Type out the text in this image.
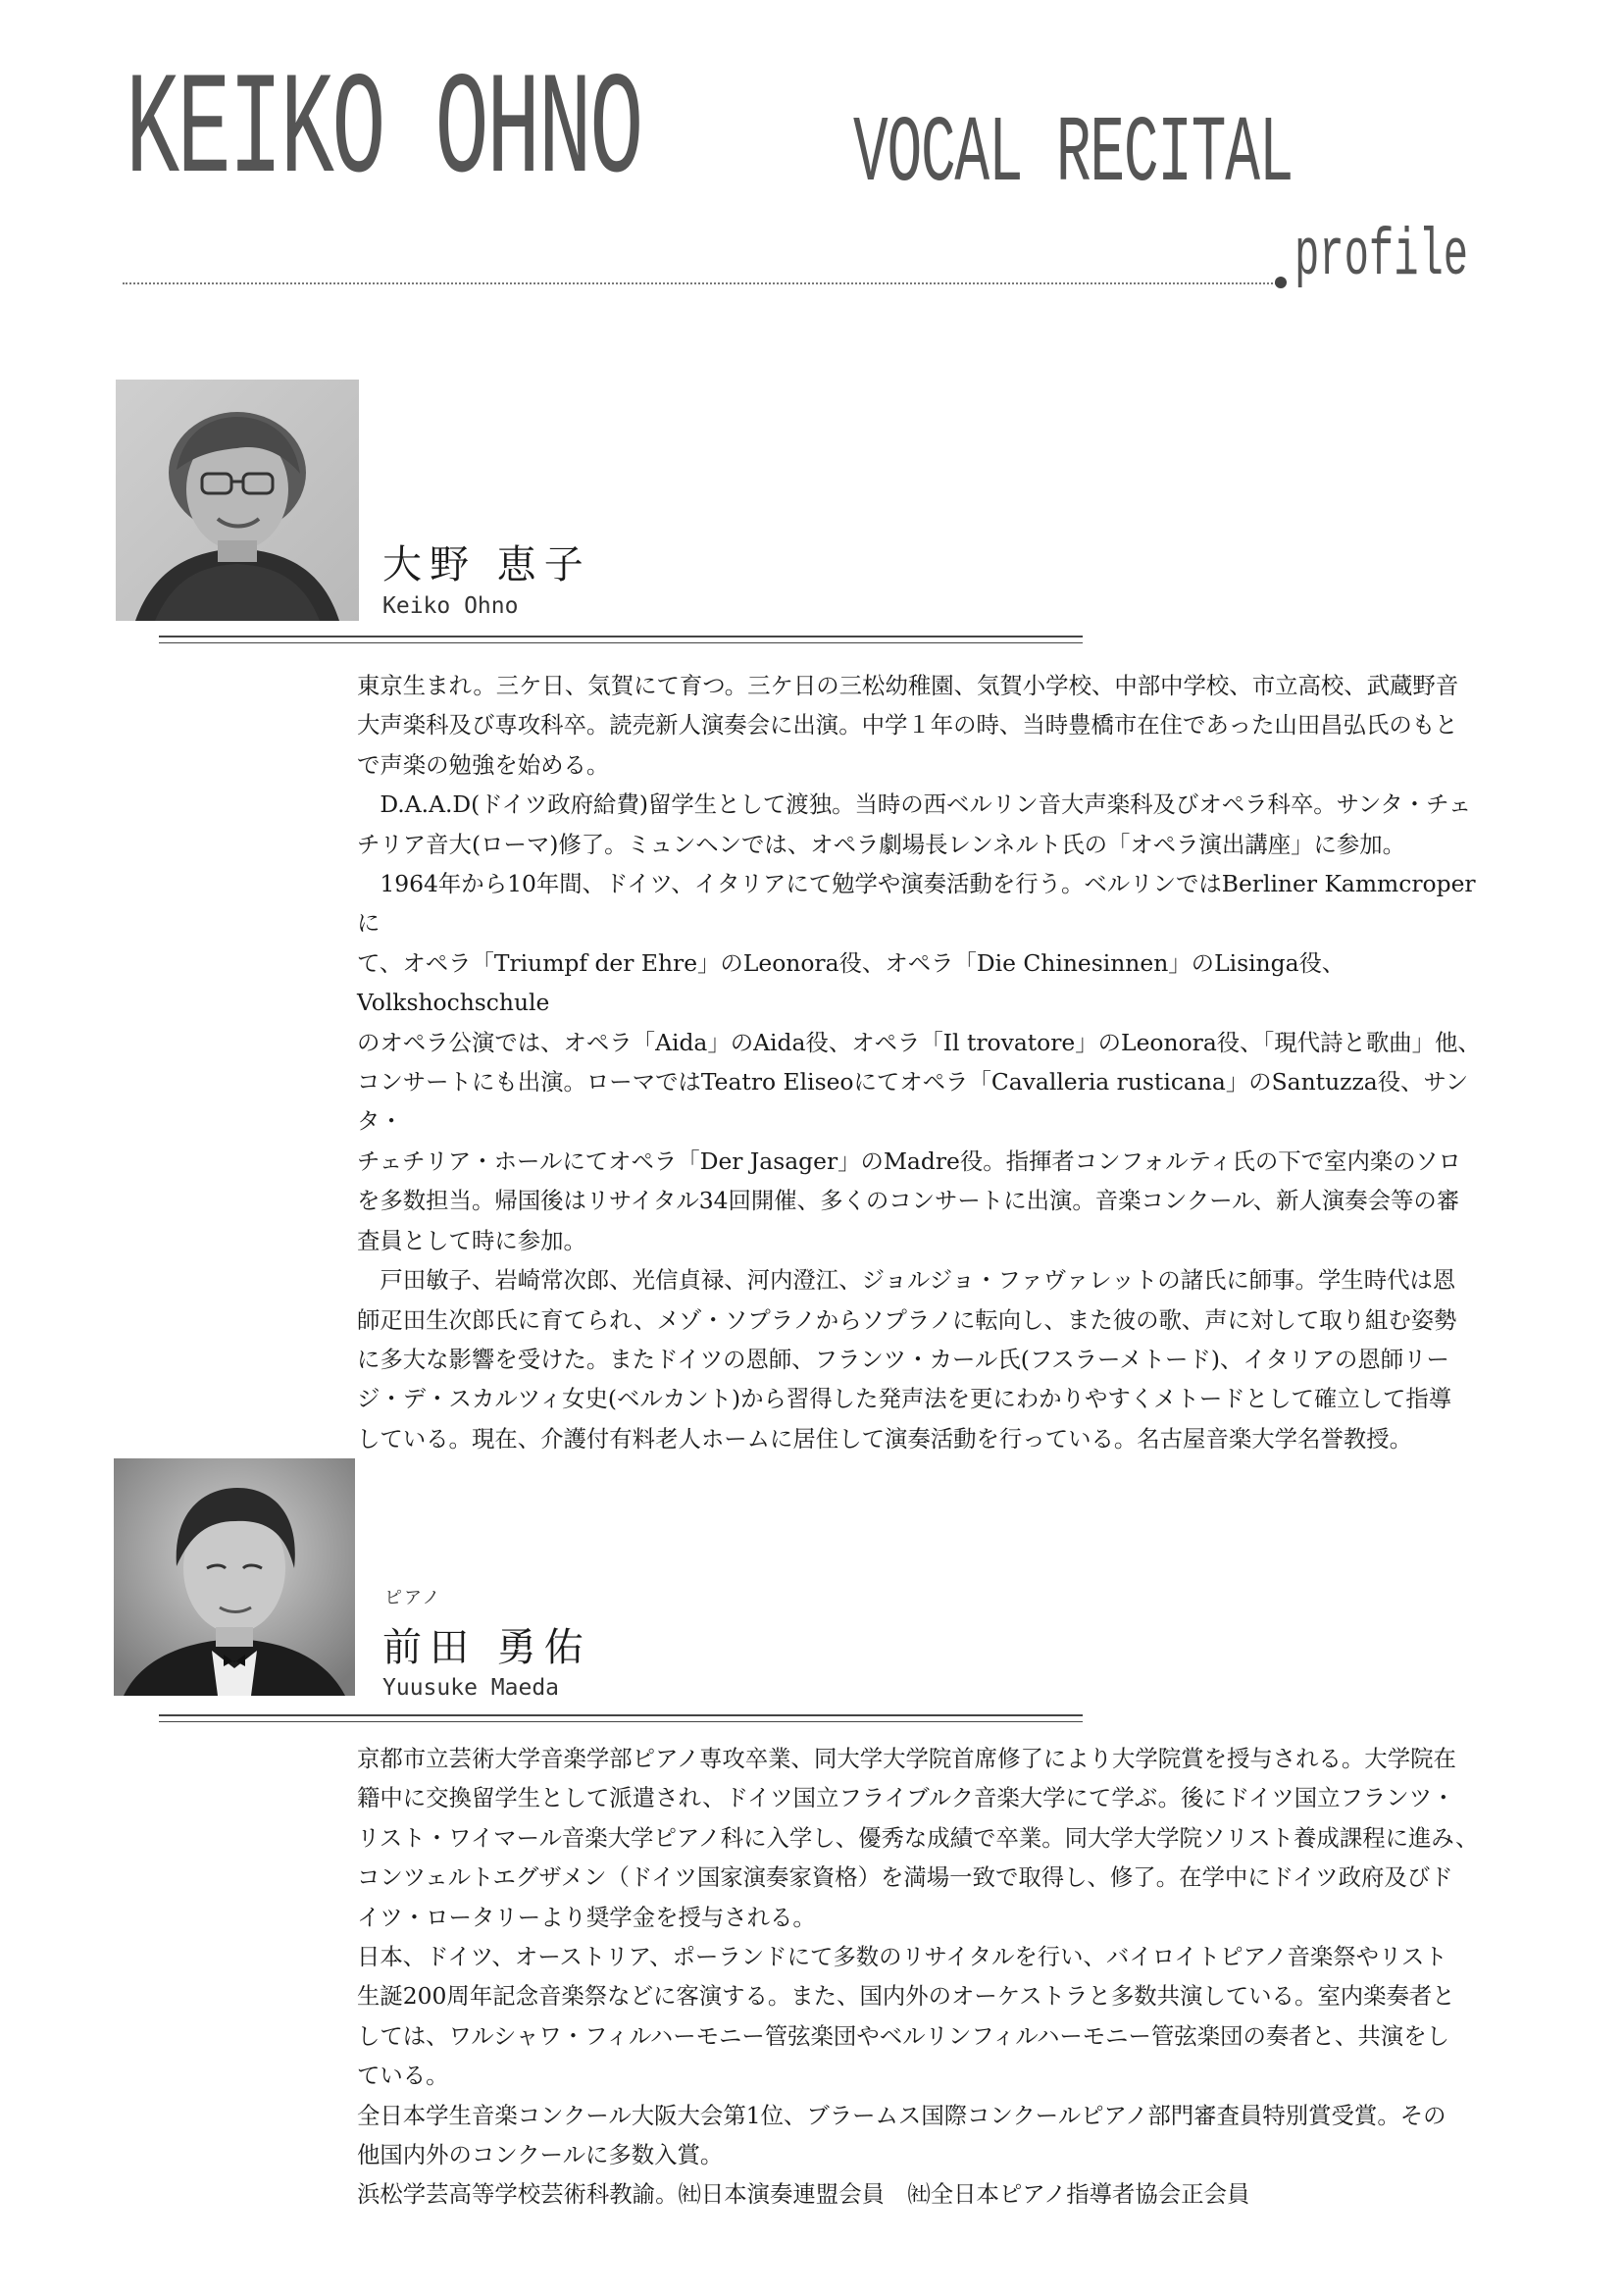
KEIKO OHNO VOCAL RECITAL
profile
大野 恵子
Keiko Ohno

東京生まれ。三ケ日、気賀にて育つ。三ケ日の三松幼稚園、気賀小学校、中部中学校、市立高校、武蔵野音
大声楽科及び専攻科卒。読売新人演奏会に出演。中学１年の時、当時豊橋市在住であった山田昌弘氏のもと
で声楽の勉強を始める。

　D.A.A.D(ドイツ政府給費)留学生として渡独。当時の西ベルリン音大声楽科及びオペラ科卒。サンタ・チェ
チリア音大(ローマ)修了。ミュンヘンでは、オペラ劇場長レンネルト氏の「オペラ演出講座」に参加。

　1964年から10年間、ドイツ、イタリアにて勉学や演奏活動を行う。ベルリンではBerliner Kammcroperに
て、オペラ「Triumpf der Ehre」のLeonora役、オペラ「Die Chinesinnen」のLisinga役、Volkshochschule
のオペラ公演では、オペラ「Aida」のAida役、オペラ「Il trovatore」のLeonora役、「現代詩と歌曲」他、
コンサートにも出演。ローマではTeatro Eliseoにてオペラ「Cavalleria rusticana」のSantuzza役、サンタ・
チェチリア・ホールにてオペラ「Der Jasager」のMadre役。指揮者コンフォルティ氏の下で室内楽のソロ
を多数担当。帰国後はリサイタル34回開催、多くのコンサートに出演。音楽コンクール、新人演奏会等の審
査員として時に参加。

　戸田敏子、岩崎常次郎、光信貞禄、河内澄江、ジョルジョ・ファヴァレットの諸氏に師事。学生時代は恩
師疋田生次郎氏に育てられ、メゾ・ソプラノからソプラノに転向し、また彼の歌、声に対して取り組む姿勢
に多大な影響を受けた。またドイツの恩師、フランツ・カール氏(フスラーメトード)、イタリアの恩師リー
ジ・デ・スカルツィ女史(ベルカント)から習得した発声法を更にわかりやすくメトードとして確立して指導
している。現在、介護付有料老人ホームに居住して演奏活動を行っている。名古屋音楽大学名誉教授。

ピアノ
前田 勇佑
Yuusuke Maeda

京都市立芸術大学音楽学部ピアノ専攻卒業、同大学大学院首席修了により大学院賞を授与される。大学院在
籍中に交換留学生として派遣され、ドイツ国立フライブルク音楽大学にて学ぶ。後にドイツ国立フランツ・
リスト・ワイマール音楽大学ピアノ科に入学し、優秀な成績で卒業。同大学大学院ソリスト養成課程に進み、
コンツェルトエグザメン（ドイツ国家演奏家資格）を満場一致で取得し、修了。在学中にドイツ政府及びド
イツ・ロータリーより奨学金を授与される。

日本、ドイツ、オーストリア、ポーランドにて多数のリサイタルを行い、バイロイトピアノ音楽祭やリスト
生誕200周年記念音楽祭などに客演する。また、国内外のオーケストラと多数共演している。室内楽奏者と
しては、ワルシャワ・フィルハーモニー管弦楽団やベルリンフィルハーモニー管弦楽団の奏者と、共演をし
ている。

全日本学生音楽コンクール大阪大会第1位、ブラームス国際コンクールピアノ部門審査員特別賞受賞。その
他国内外のコンクールに多数入賞。

浜松学芸高等学校芸術科教諭。㈳日本演奏連盟会員　㈳全日本ピアノ指導者協会正会員
